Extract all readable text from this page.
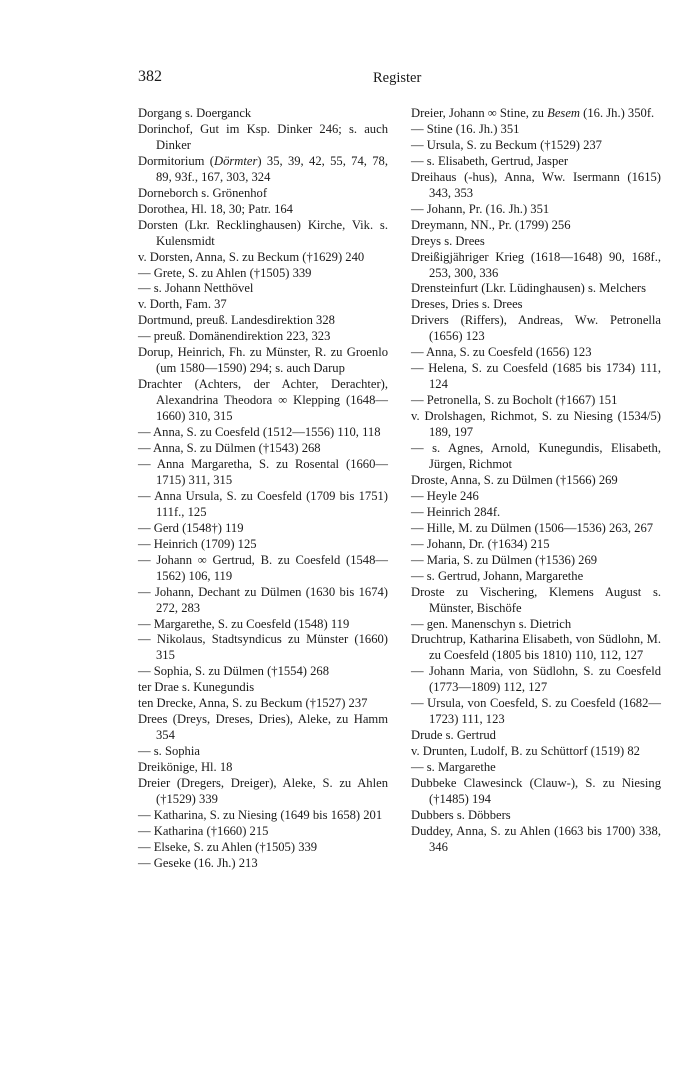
382	Register

Dorgang s. Doerganck

Dorinchof, Gut im Ksp. Dinker 246; s. auch Dinker

Dormitorium (Dörmter) 35, 39, 42, 55, 74, 78, 89, 93f., 167, 303, 324

Dorneborch s. Grönenhof

Dorothea, Hl. 18, 30; Patr. 164

Dorsten (Lkr. Recklinghausen) Kirche, Vik. s. Kulensmidt

v. Dorsten, Anna, S. zu Beckum (†1629) 240

— Grete, S. zu Ahlen (†1505) 339

— s. Johann Netthövel

v. Dorth, Fam. 37

Dortmund, preuß. Landesdirektion 328

— preuß. Domänendirektion 223, 323

Dorup, Heinrich, Fh. zu Münster, R. zu Groenlo (um 1580—1590) 294; s. auch Darup

Drachter (Achters, der Achter, Derachter), Alexandrina Theodora ∞ Klepping (1648—1660) 310, 315

— Anna, S. zu Coesfeld (1512—1556) 110, 118

— Anna, S. zu Dülmen (†1543) 268

— Anna Margaretha, S. zu Rosental (1660—1715) 311, 315

— Anna Ursula, S. zu Coesfeld (1709 bis 1751) 111f., 125

— Gerd (1548†) 119

— Heinrich (1709) 125

— Johann ∞ Gertrud, B. zu Coesfeld (1548—1562) 106, 119

— Johann, Dechant zu Dülmen (1630 bis 1674) 272, 283

— Margarethe, S. zu Coesfeld (1548) 119

— Nikolaus, Stadtsyndicus zu Münster (1660) 315

— Sophia, S. zu Dülmen (†1554) 268

ter Drae s. Kunegundis

ten Drecke, Anna, S. zu Beckum (†1527) 237

Drees (Dreys, Dreses, Dries), Aleke, zu Hamm 354

— s. Sophia

Dreikönige, Hl. 18

Dreier (Dregers, Dreiger), Aleke, S. zu Ahlen (†1529) 339

— Katharina, S. zu Niesing (1649 bis 1658) 201

— Katharina (†1660) 215

— Elseke, S. zu Ahlen (†1505) 339

— Geseke (16. Jh.) 213

Dreier, Johann ∞ Stine, zu Besem (16. Jh.) 350f.

— Stine (16. Jh.) 351

— Ursula, S. zu Beckum (†1529) 237

— s. Elisabeth, Gertrud, Jasper

Dreihaus (-hus), Anna, Ww. Isermann (1615) 343, 353

— Johann, Pr. (16. Jh.) 351

Dreymann, NN., Pr. (1799) 256

Dreys s. Drees

Dreißigjähriger Krieg (1618—1648) 90, 168f., 253, 300, 336

Drensteinfurt (Lkr. Lüdinghausen) s. Melchers

Dreses, Dries s. Drees

Drivers (Riffers), Andreas, Ww. Petronella (1656) 123

— Anna, S. zu Coesfeld (1656) 123

— Helena, S. zu Coesfeld (1685 bis 1734) 111, 124

— Petronella, S. zu Bocholt (†1667) 151

v. Drolshagen, Richmot, S. zu Niesing (1534/5) 189, 197

— s. Agnes, Arnold, Kunegundis, Elisabeth, Jürgen, Richmot

Droste, Anna, S. zu Dülmen (†1566) 269

— Heyle 246

— Heinrich 284f.

— Hille, M. zu Dülmen (1506—1536) 263, 267

— Johann, Dr. (†1634) 215

— Maria, S. zu Dülmen (†1536) 269

— s. Gertrud, Johann, Margarethe

Droste zu Vischering, Klemens August s. Münster, Bischöfe

— gen. Manenschyn s. Dietrich

Druchtrup, Katharina Elisabeth, von Südlohn, M. zu Coesfeld (1805 bis 1810) 110, 112, 127

— Johann Maria, von Südlohn, S. zu Coesfeld (1773—1809) 112, 127

— Ursula, von Coesfeld, S. zu Coesfeld (1682—1723) 111, 123

Drude s. Gertrud

v. Drunten, Ludolf, B. zu Schüttorf (1519) 82

— s. Margarethe

Dubbeke Clawesinck (Clauw-), S. zu Niesing (†1485) 194

Dubbers s. Döbbers

Duddey, Anna, S. zu Ahlen (1663 bis 1700) 338, 346
